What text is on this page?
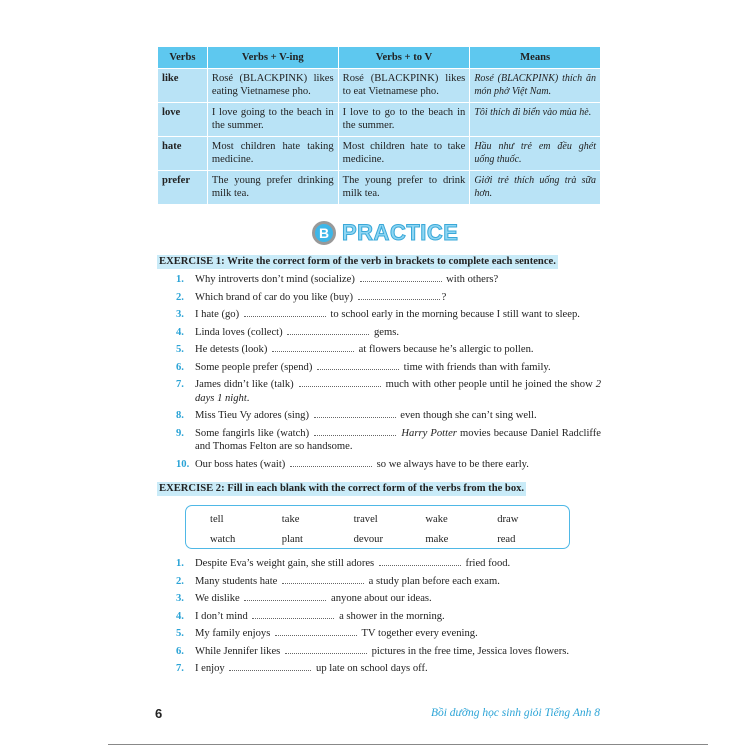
Verbs	Verbs + V-ing	Verbs + to V	Means
like	Rosé (BLACKPINK) likes eating Vietnamese pho.	Rosé (BLACKPINK) likes to eat Vietnamese pho.	Rosé (BLACKPINK) thích ăn món phở Việt Nam.
love	I love going to the beach in the summer.	I love to go to the beach in the summer.	Tôi thích đi biển vào mùa hè.
hate	Most children hate taking medicine.	Most children hate to take medicine.	Hầu như trẻ em đều ghét uống thuốc.
prefer	The young prefer drinking milk tea.	The young prefer to drink milk tea.	Giới trẻ thích uống trà sữa hơn.
B PRACTICE
EXERCISE 1: Write the correct form of the verb in brackets to complete each sentence.
1.	Why introverts don’t mind (socialize)	with others?
2.	Which brand of car do you like (buy)	?
3.	I hate (go)	to school early in the morning because I still want to sleep.
4.	Linda loves (collect)	gems.
5.	He detests (look)	at flowers because he’s allergic to pollen.
6.	Some people prefer (spend)	time with friends than with family.
7.	James didn’t like (talk)	much with other people until he joined the show 2 days 1 night.
8.	Miss Tieu Vy adores (sing)	even though she can’t sing well.
9.	Some fangirls like (watch)	Harry Potter movies because Daniel Radcliffe and Thomas Felton are so handsome.
10. Our boss hates (wait)	so we always have to be there early.
EXERCISE 2: Fill in each blank with the correct form of the verbs from the box.
tell	take	travel	wake	draw
watch	plant	devour	make	read
1.	Despite Eva’s weight gain, she still adores	fried food.
2.	Many students hate	a study plan before each exam.
3.	We dislike	anyone about our ideas.
4.	I don’t mind	a shower in the morning.
5.	My family enjoys	TV together every evening.
6.	While Jennifer likes	pictures in the free time, Jessica loves flowers.
7.	I enjoy	up late on school days off.
6	Bồi dưỡng học sinh giỏi Tiếng Anh 8
